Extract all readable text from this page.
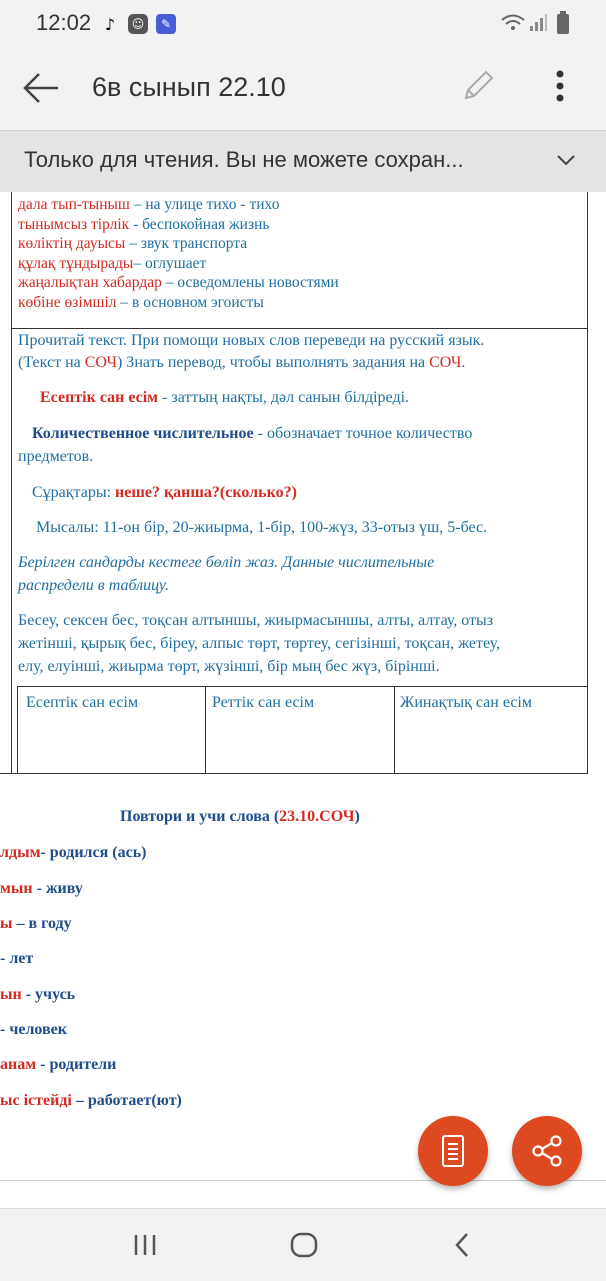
12:02 ♪	☺	✎
6в сынып 22.10
Только для чтения. Вы не можете сохран...
дала тып-тыныш – на улице тихо - тихо
тынымсыз тірлік - беспокойная жизнь
көліктің дауысы – звук транспорта
құлақ тұндырады– оглушает
жаңалықтан хабардар – осведомлены новостями
көбіне өзімшіл – в основном эгоисты
Прочитай текст. При помощи новых слов переведи на русский язык.
(Текст на СОЧ) Знать перевод, чтобы выполнять задания на СОЧ.
Есептік сан есім - заттың нақты, дәл санын білдіреді.
Количественное числительное - обозначает точное количество
предметов.
Сұрақтары: неше? қанша?(сколько?)
Мысалы: 11-он бір, 20-жиырма, 1-бір, 100-жүз, 33-отыз үш, 5-бес.
Берілген сандарды кестеге бөліп жаз. Данные числительные
распредели в таблицу.
Бесеу, сексен бес, тоқсан алтыншы, жиырмасыншы, алты, алтау, отыз
жетінші, қырық бес, біреу, алпыс төрт, төртеу, сегізінші, тоқсан, жетеу,
елу, елуінші, жиырма төрт, жүзінші, бір мың бес жүз, бірінші.
Есептік сан есім	Реттік сан есім	Жинақтық сан есім
Повтори и учи слова (23.10.СОЧ)
лдым- родился (ась)
мын - живу
ы – в году
- лет
ын - учусь
- человек
анам - родители
ыс істейді – работает(ют)
